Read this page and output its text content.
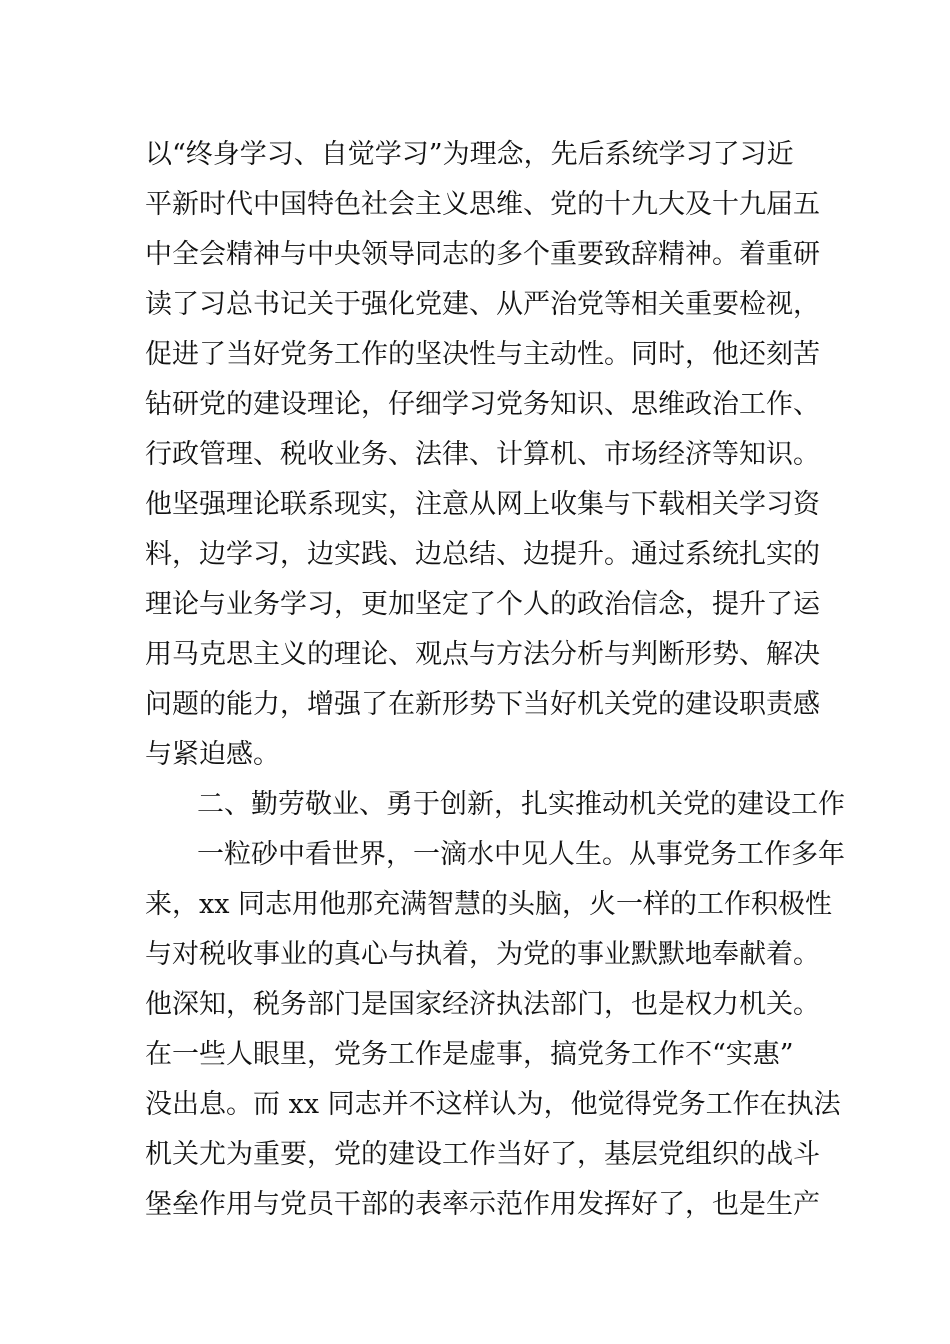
以“终身学习、自觉学习”为理念，先后系统学习了习近
平新时代中国特色社会主义思维、党的十九大及十九届五
中全会精神与中央领导同志的多个重要致辞精神。着重研
读了习总书记关于强化党建、从严治党等相关重要检视，
促进了当好党务工作的坚决性与主动性。同时，他还刻苦
钻研党的建设理论，仔细学习党务知识、思维政治工作、
行政管理、税收业务、法律、计算机、市场经济等知识。
他坚强理论联系现实，注意从网上收集与下载相关学习资
料，边学习，边实践、边总结、边提升。通过系统扎实的
理论与业务学习，更加坚定了个人的政治信念，提升了运
用马克思主义的理论、观点与方法分析与判断形势、解决
问题的能力，增强了在新形势下当好机关党的建设职责感
与紧迫感。
二、勤劳敬业、勇于创新，扎实推动机关党的建设工作
一粒砂中看世界，一滴水中见人生。从事党务工作多年
来，xx 同志用他那充满智慧的头脑，火一样的工作积极性
与对税收事业的真心与执着，为党的事业默默地奉献着。
他深知，税务部门是国家经济执法部门，也是权力机关。
在一些人眼里，党务工作是虚事，搞党务工作不“实惠”
没出息。而 xx 同志并不这样认为，他觉得党务工作在执法
机关尤为重要，党的建设工作当好了，基层党组织的战斗
堡垒作用与党员干部的表率示范作用发挥好了，也是生产
